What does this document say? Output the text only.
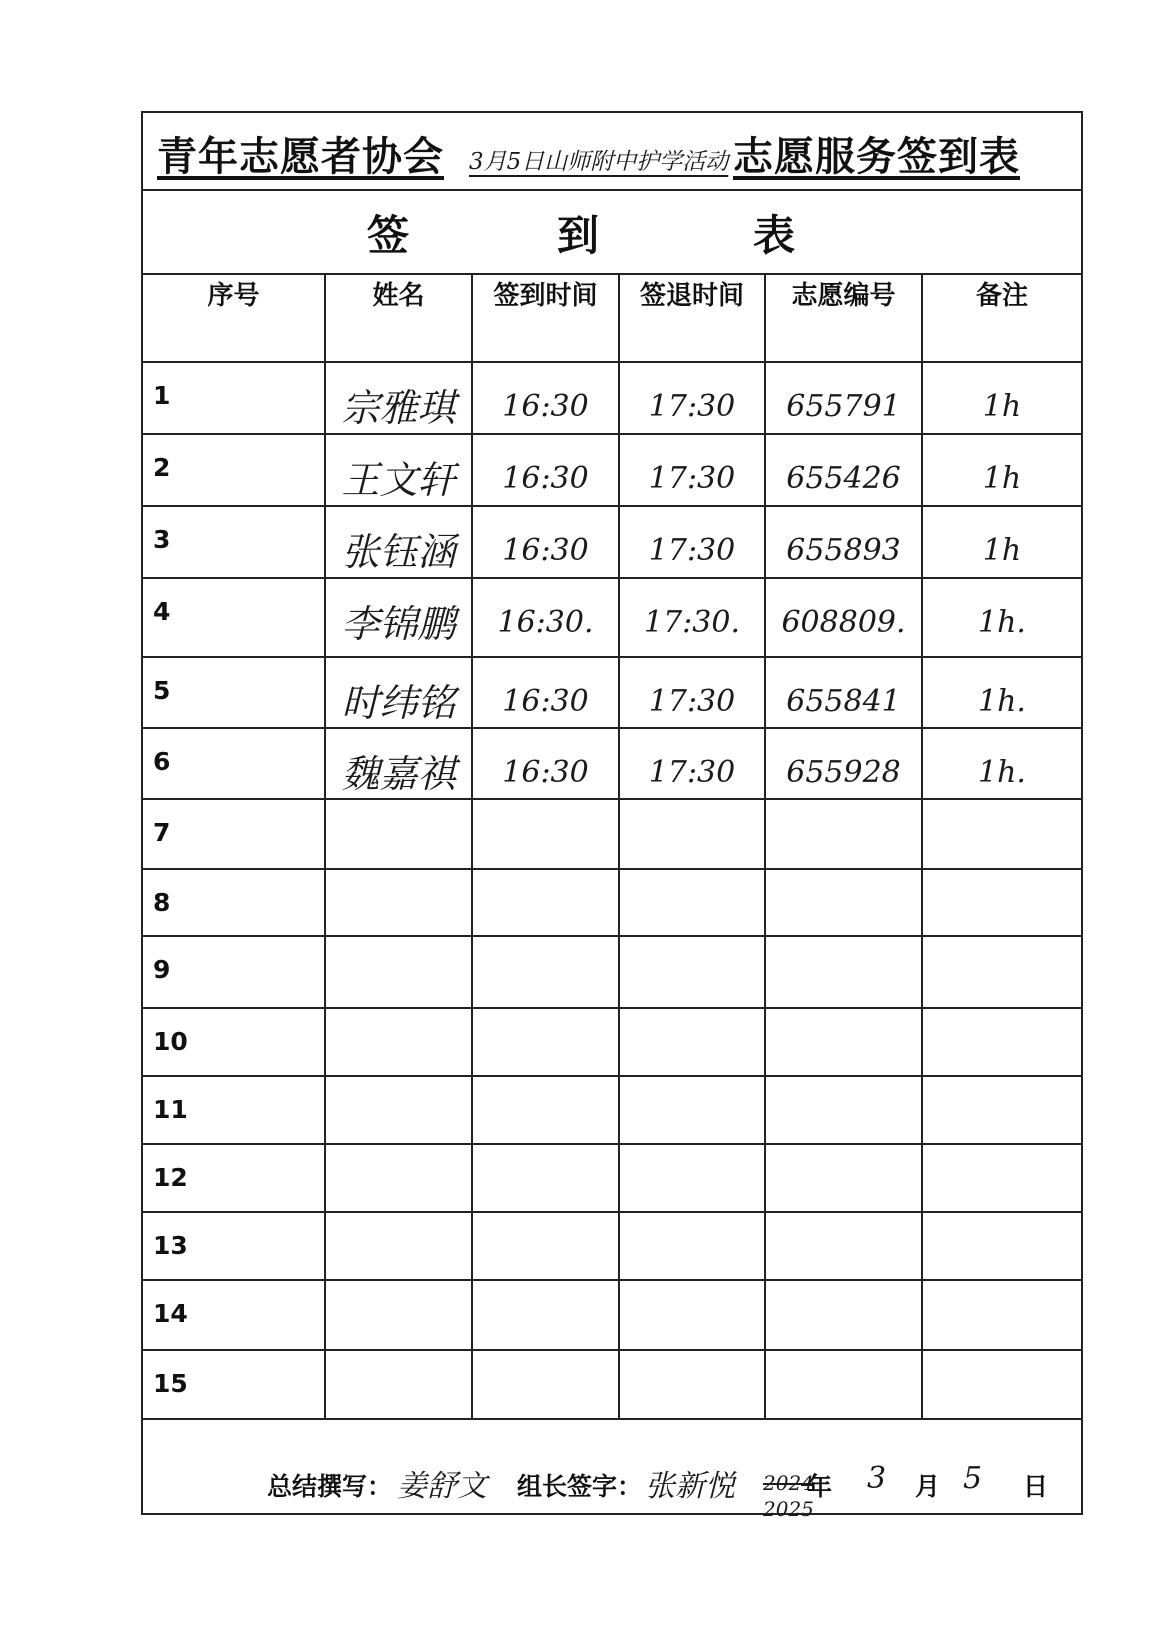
青年志愿者协会 3月5日山师附中护学活动 志愿服务签到表
签	到	表
序号	姓名	签到时间	签退时间	志愿编号	备注
1	宗雅琪	16:30	17:30	655791	1h
2	王文轩	16:30	17:30	655426	1h
3	张钰涵	16:30	17:30	655893	1h
4	李锦鹏	16:30.	17:30.	608809.	1h.
5	时纬铭	16:30	17:30	655841	1h.
6	魏嘉祺	16:30	17:30	655928	1h.
7					
8					
9					
10					
11					
12					
13					
14					
15					
总结撰写： 姜舒文 组长签字： 张新悦 2024
年
2025
3 月 5 日
